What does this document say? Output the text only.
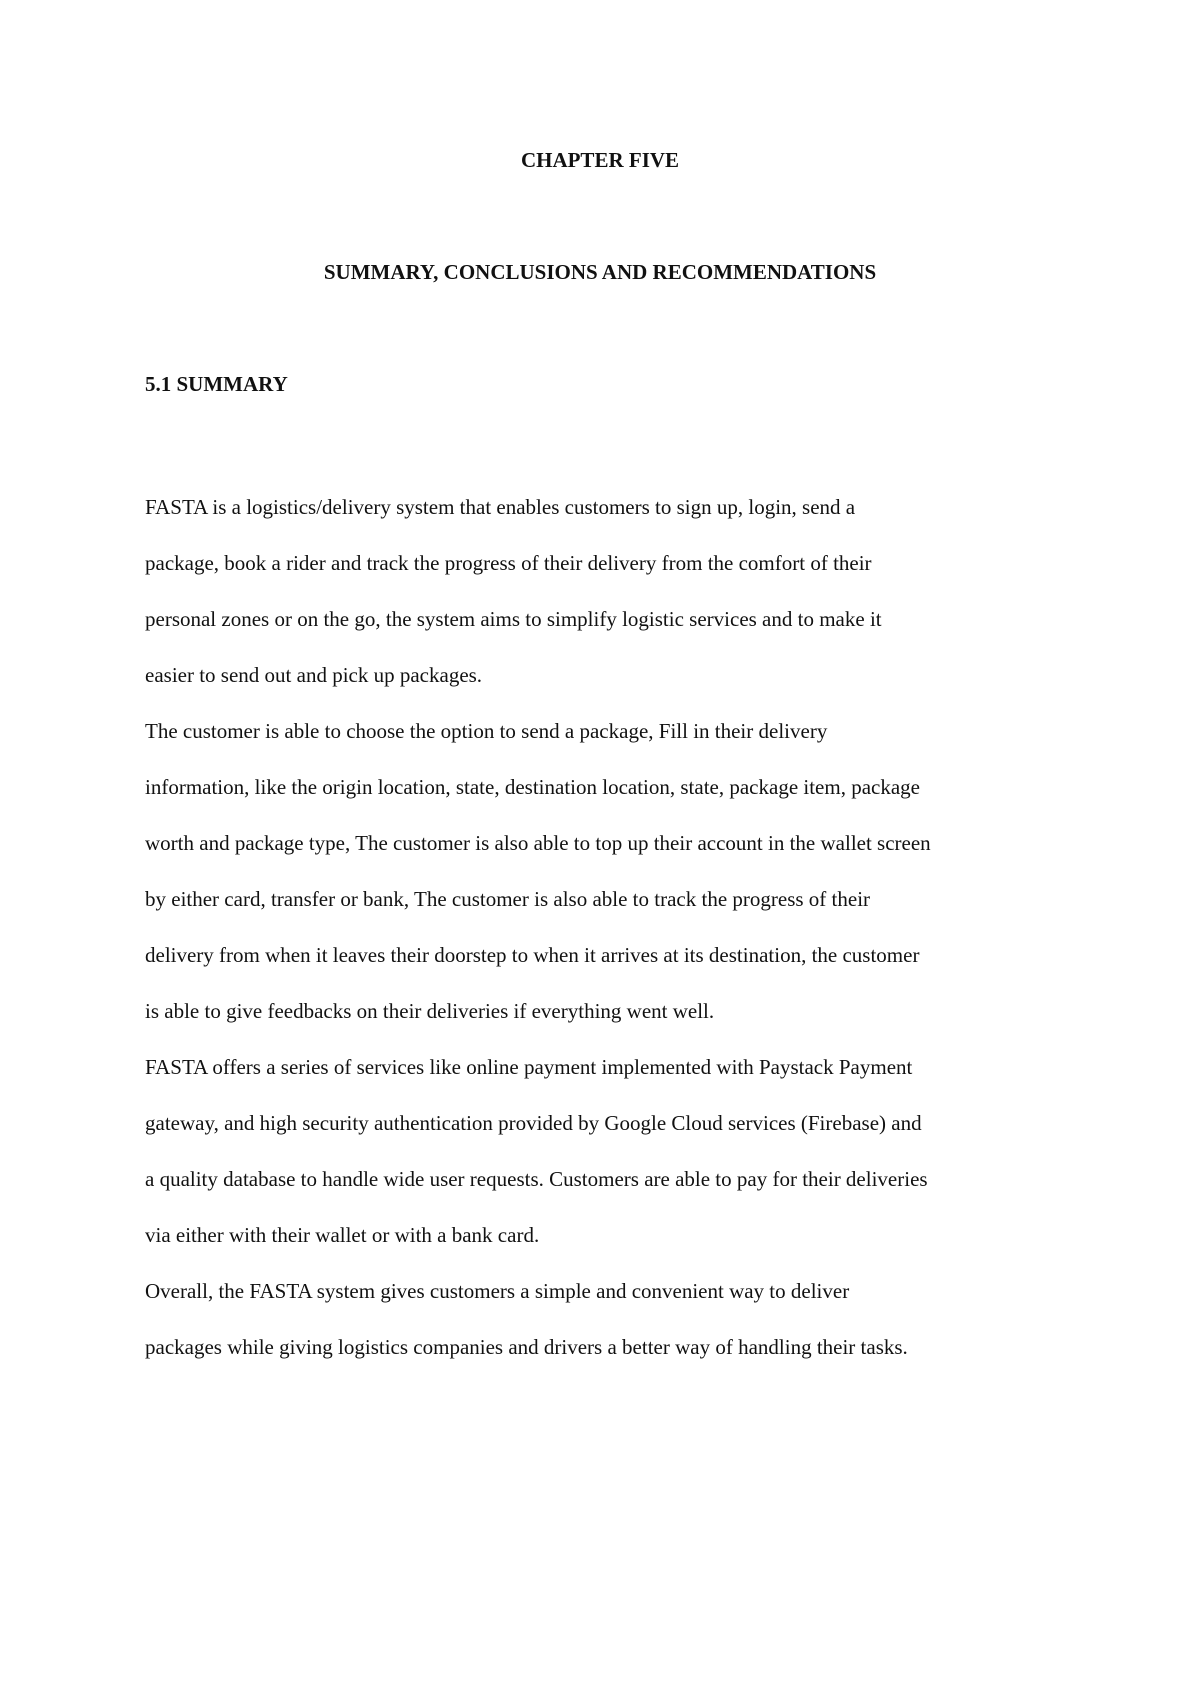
CHAPTER FIVE
SUMMARY, CONCLUSIONS AND RECOMMENDATIONS
5.1 SUMMARY
FASTA is a logistics/delivery system that enables customers to sign up, login, send a
package, book a rider and track the progress of their delivery from the comfort of their
personal zones or on the go, the system aims to simplify logistic services and to make it
easier to send out and pick up packages.
The customer is able to choose the option to send a package, Fill in their delivery
information, like the origin location, state, destination location, state, package item, package
worth and package type, The customer is also able to top up their account in the wallet screen
by either card, transfer or bank, The customer is also able to track the progress of their
delivery from when it leaves their doorstep to when it arrives at its destination, the customer
is able to give feedbacks on their deliveries if everything went well.
FASTA offers a series of services like online payment implemented with Paystack Payment
gateway, and high security authentication provided by Google Cloud services (Firebase) and
a quality database to handle wide user requests. Customers are able to pay for their deliveries
via either with their wallet or with a bank card.
Overall, the FASTA system gives customers a simple and convenient way to deliver
packages while giving logistics companies and drivers a better way of handling their tasks.
